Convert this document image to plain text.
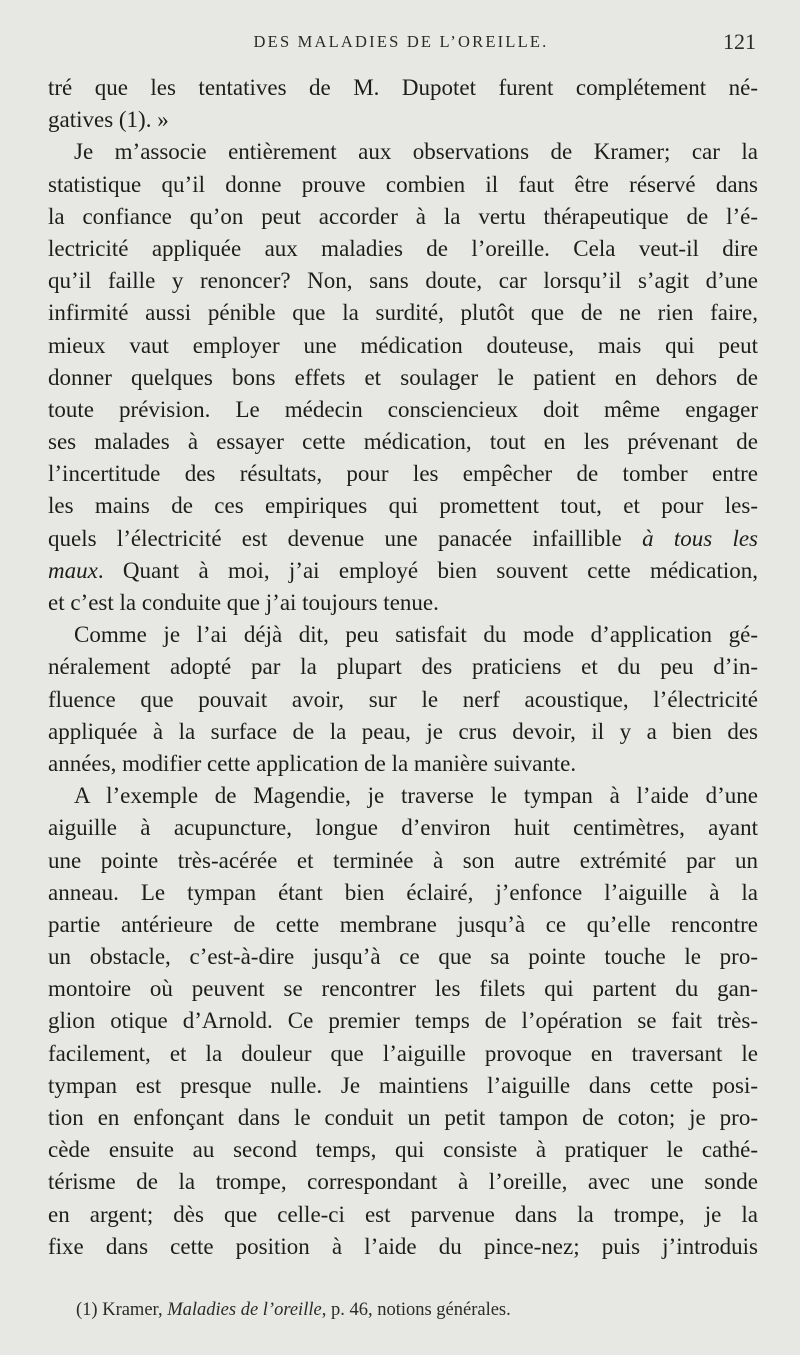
DES MALADIES DE L’OREILLE.	121
tré que les tentatives de M. Dupotet furent complétement né-
gatives (1). »
Je m’associe entièrement aux observations de Kramer; car la
statistique qu’il donne prouve combien il faut être réservé dans
la confiance qu’on peut accorder à la vertu thérapeutique de l’é-
lectricité appliquée aux maladies de l’oreille. Cela veut-il dire
qu’il faille y renoncer? Non, sans doute, car lorsqu’il s’agit d’une
infirmité aussi pénible que la surdité, plutôt que de ne rien faire,
mieux vaut employer une médication douteuse, mais qui peut
donner quelques bons effets et soulager le patient en dehors de
toute prévision. Le médecin consciencieux doit même engager
ses malades à essayer cette médication, tout en les prévenant de
l’incertitude des résultats, pour les empêcher de tomber entre
les mains de ces empiriques qui promettent tout, et pour les-
quels l’électricité est devenue une panacée infaillible à tous les
maux. Quant à moi, j’ai employé bien souvent cette médication,
et c’est la conduite que j’ai toujours tenue.
Comme je l’ai déjà dit, peu satisfait du mode d’application gé-
néralement adopté par la plupart des praticiens et du peu d’in-
fluence que pouvait avoir, sur le nerf acoustique, l’électricité
appliquée à la surface de la peau, je crus devoir, il y a bien des
années, modifier cette application de la manière suivante.
A l’exemple de Magendie, je traverse le tympan à l’aide d’une
aiguille à acupuncture, longue d’environ huit centimètres, ayant
une pointe très-acérée et terminée à son autre extrémité par un
anneau. Le tympan étant bien éclairé, j’enfonce l’aiguille à la
partie antérieure de cette membrane jusqu’à ce qu’elle rencontre
un obstacle, c’est-à-dire jusqu’à ce que sa pointe touche le pro-
montoire où peuvent se rencontrer les filets qui partent du gan-
glion otique d’Arnold. Ce premier temps de l’opération se fait très-
facilement, et la douleur que l’aiguille provoque en traversant le
tympan est presque nulle. Je maintiens l’aiguille dans cette posi-
tion en enfonçant dans le conduit un petit tampon de coton; je pro-
cède ensuite au second temps, qui consiste à pratiquer le cathé-
térisme de la trompe, correspondant à l’oreille, avec une sonde
en argent; dès que celle-ci est parvenue dans la trompe, je la
fixe dans cette position à l’aide du pince-nez; puis j’introduis
(1) Kramer, Maladies de l’oreille, p. 46, notions générales.
